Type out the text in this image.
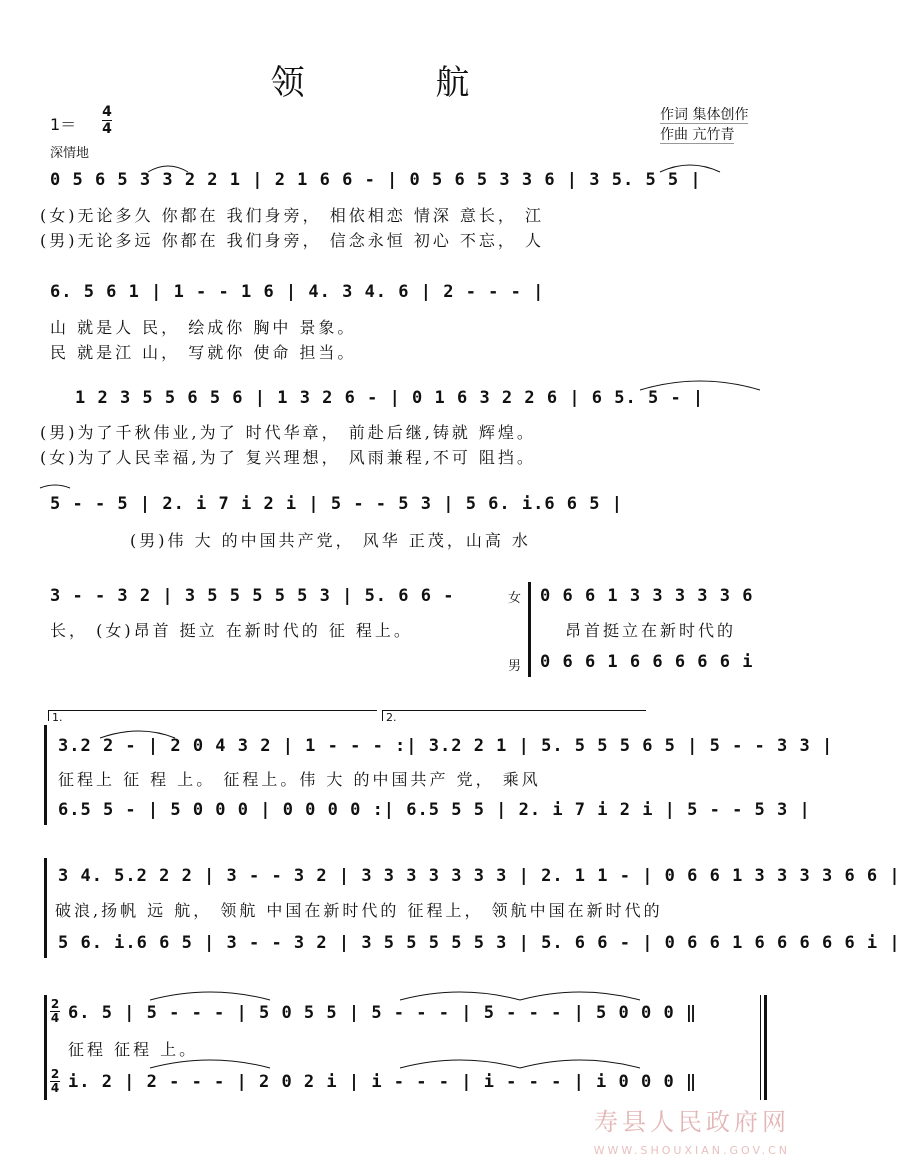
领 航
1＝
4
4
深情地
作词 集体创作
作曲 亢竹青
0 5 6 5 3 3 2 2 1 | 2 1 6 6 - | 0 5 6 5 3 3 6 | 3 5. 5 5 |
(女)无论多久 你都在 我们身旁， 相依相恋 情深 意长， 江
(男)无论多远 你都在 我们身旁， 信念永恒 初心 不忘， 人
6. 5 6 1 | 1 - - 1 6 | 4. 3 4. 6 | 2 - - - |
山 就是人 民， 绘成你 胸中 景象。
民 就是江 山， 写就你 使命 担当。
1 2 3 5 5 6 5 6 | 1 3 2 6 - | 0 1 6 3 2 2 6 | 6 5. 5 - |
(男)为了千秋伟业,为了 时代华章， 前赴后继,铸就 辉煌。
(女)为了人民幸福,为了 复兴理想， 风雨兼程,不可 阻挡。
5 - - 5 | 2. i 7 i 2 i | 5 - - 5 3 | 5 6. i.6 6 5 |
(男)伟 大 的中国共产党， 风华 正茂，山高 水
3 - - 3 2 | 3 5 5 5 5 5 3 | 5. 6 6 -	女 0 6 6 1 3 3 3 3 3 6
长， (女)昂首 挺立 在新时代的 征 程上。	昂首挺立在新时代的
男 0 6 6 1 6 6 6 6 6 i
1.	2.
3.2 2 - | 2 0 4 3 2 | 1 - - - :| 3.2 2 1 | 5. 5 5 5 6 5 | 5 - - 3 3 |
征程上 征 程 上。 征程上。伟 大 的中国共产 党， 乘风
6.5 5 - | 5 0 0 0 | 0 0 0 0 :| 6.5 5 5 | 2. i 7 i 2 i | 5 - - 5 3 |
3 4. 5.2 2 2 | 3 - - 3 2 | 3 3 3 3 3 3 3 | 2. 1 1 - | 0 6 6 1 3 3 3 3 6 6 |
破浪,扬帆 远 航， 领航 中国在新时代的 征程上， 领航中国在新时代的
5 6. i.6 6 5 | 3 - - 3 2 | 3 5 5 5 5 5 3 | 5. 6 6 - | 0 6 6 1 6 6 6 6 6 i |
2
4
2
4
6. 5 | 5 - - - | 5 0 5 5 | 5 - - - | 5 - - - | 5 0 0 0 ‖
征程 征程 上。
i. 2 | 2 - - - | 2 0 2 i | i - - - | i - - - | i 0 0 0 ‖
寿县人民政府网
WWW.SHOUXIAN.GOV.CN
